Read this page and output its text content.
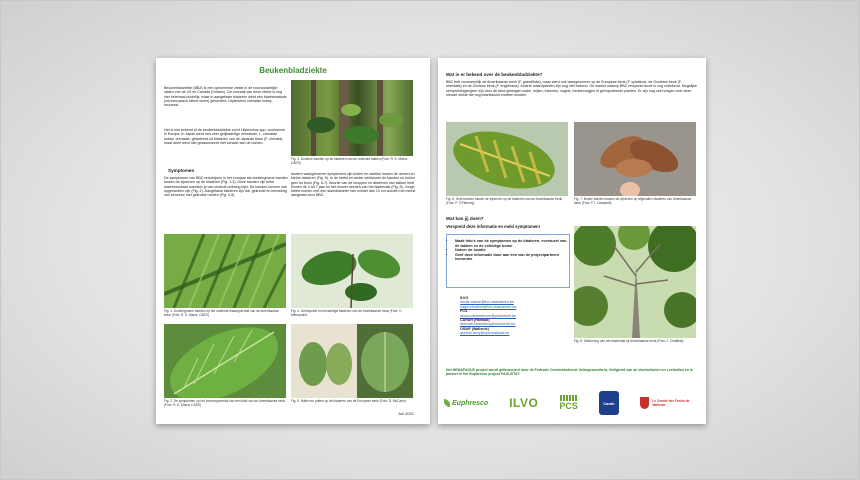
Beukenbladziekte

Beukenbladziekte (BBZ) is een opkomende ziekte in de noordoostelijke staten van de VS en Canada (Ontario). De oorzaak van deze ziekte is nog niet helemaal duidelijk, maar in aangetaste bladeren werd een bladnematode (microscopisch kleine worm) gevonden: Litylenchus crenatae subsp. mccannii.

Het is niet bekend of de beukenbladziekte en/of Litylenchus spp. voorkomen in Europa. In Japan werd een zeer gelijkaardige nematode, L. crenatae subsp. crenatae, gelsoleerd uit bladeren van de Japanse beuk (F. crenata), maar deze werd niet geassocieerd met schade aan de bomen.

Symptomen

De symptomen van BBZ verschijnen in het voorjaar als donkergroene banden tussen de zijnerven op de bladeren (Fig. 1-3). Deze banden zijn beter waarneembaar wanneer je van onderaf omhoog kijkt. De banden kunnen ook opgezwollen zijn (Fig. 2). Aangetaste bladeren zijn dik, gekreukt en leerachtig van structuur met gekrulde randen (Fig. 4-5).

Fig. 3. Donkere banden op de bladeren van de onderste takken (Foto: R. E. Marra, CAES)

Andere waargenomen symptomen zijn buiten en zwellen tussen de nerven en bleine bladeren (Fig. 5). In de herfst en winter verkleuren de banden en bullen geel tot bruin (Fig. 6-7). Abortie van de knoppen en afsterven van takken leidt binnen de 3 tot 7 jaar tot het dunner worden van het bladerdak (Fig. 8). Jonge, kleine bomen met een stamdiameter van minder dan 10 cm worden het meest aangetast door BBZ.

Fig. 1. Donkergroene banden op het onderste bladoppervlak van de Amerikaanse beuk (Foto: R. E. Marra, CAES)
Fig. 4. Gerimpelde en leerachtige bladeren van de Amerikaanse beuk (Foto: C. Metropolre)
Fig. 2. De symptomen op het bovenoppervlak van een blad van de Amerikaanse beuk (Foto: R. E. Marra, CAES)
Fig. 5. Bullen en putten op de bladeren van de Europese beuk (Foto: D. McCann)
Juli 2021
Wat is er bekend over de beukenbladziekte?

BBZ treft voornamelijk de Amerikaanse beuk (F. grandifolia), maar werd ook waargenomen op de Europese beuk (F. sylvatica), de Oosterse beuk (F. orientalis) en de Chinese beuk (F. engleriana). Andere waardplanten zijn nog niet bekend. De manier waarop BBZ verspreid wordt is nog onbekend. Mogelijke verspreidingswijzen zijn door de wind gedragen water, mijten, insecten, vogels, beukenoogjes of geïmporteerde planten. Er zijn nog veel vragen over deze nieuwe ziekte die nog beantwoord moeten worden.

Fig. 6. Gele banden tussen de zijnerven op de bladeren van de Amerikaanse beuk (Foto: P. O'Flaherty)
Fig. 7. Bruine banden tussen de zijnerven op afgevallen bladeren van Amerikaanse beuk (Foto: F.T. Campbell)
Wat kan jij doen?
Verspreid deze informatie en meld symptomen!
• Maak foto's van de symptomen op de bladeren, eventueel van de takken en de volledige boom
• Noteer de locatie
• Geef deze informatie door aan één van de projectpartners hieronder
ILVO
nicole.viaene@ilvo.vlaanderen.be
nagin.ebrahimi@ilvo.vlaanderen.be
PCS
simon.vankerkhove@pcsierteelt.be
CARAH (Hainaut)
deborah.lanterbecq@condorcet.be
OSWF (Wallonie)
quentin.leroy@spw.wallonie.be
Fig. 8. Uitdunning van het bladerdak bij Amerikaanse beuk (Foto: J. Chatfield)

Het NEMAFAGUS project wordt gefinancierd door de Federale Overheidsdienst Volksgezondheid, Veiligheid van de Voedselketen en Leefmilieu en is partner in het Euphresco project FAGUSTAT.

Euphresco ILVO PCS	Carah	Le Comité des Forêts de Wallonie
